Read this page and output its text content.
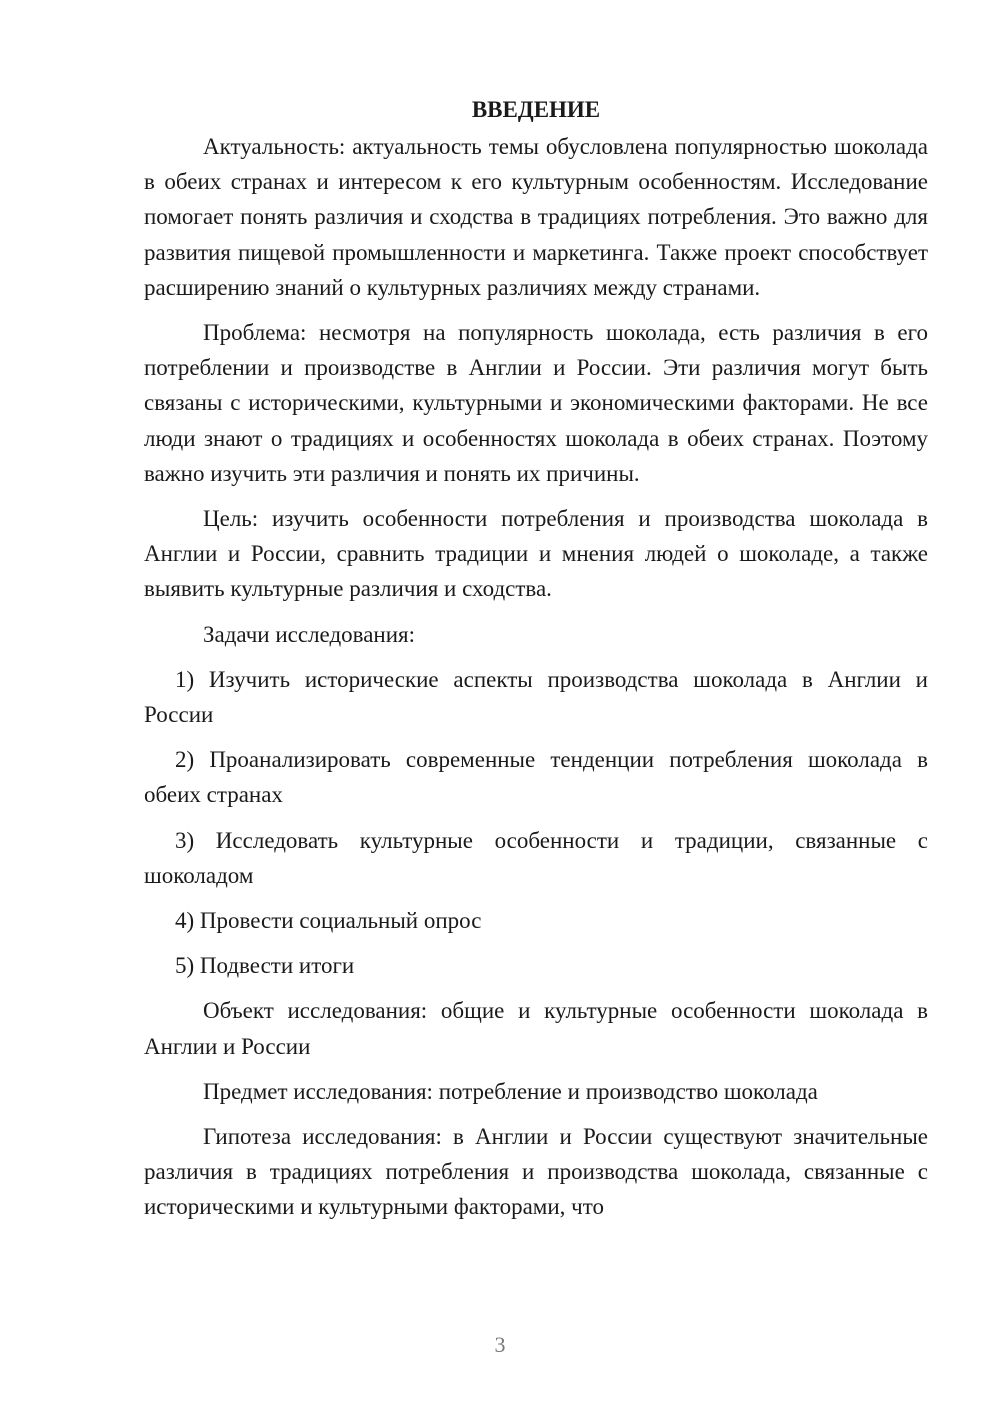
ВВЕДЕНИЕ

Актуальность: актуальность темы обусловлена популярностью шоколада в обеих странах и интересом к его культурным особенностям. Исследование помогает понять различия и сходства в традициях потребления. Это важно для развития пищевой промышленности и маркетинга. Также проект способствует расширению знаний о культурных различиях между странами.

Проблема: несмотря на популярность шоколада, есть различия в его потреблении и производстве в Англии и России. Эти различия могут быть связаны с историческими, культурными и экономическими факторами. Не все люди знают о традициях и особенностях шоколада в обеих странах. Поэтому важно изучить эти различия и понять их причины.

Цель: изучить особенности потребления и производства шоколада в Англии и России, сравнить традиции и мнения людей о шоколаде, а также выявить культурные различия и сходства.

Задачи исследования:

1) Изучить исторические аспекты производства шоколада в Англии и России

2) Проанализировать современные тенденции потребления шоколада в обеих странах

3) Исследовать культурные особенности и традиции, связанные с шоколадом

4) Провести социальный опрос

5) Подвести итоги

Объект исследования: общие и культурные особенности шоколада в Англии и России

Предмет исследования: потребление и производство шоколада

Гипотеза исследования: в Англии и России существуют значительные различия в традициях потребления и производства шоколада, связанные с историческими и культурными факторами, что

3
